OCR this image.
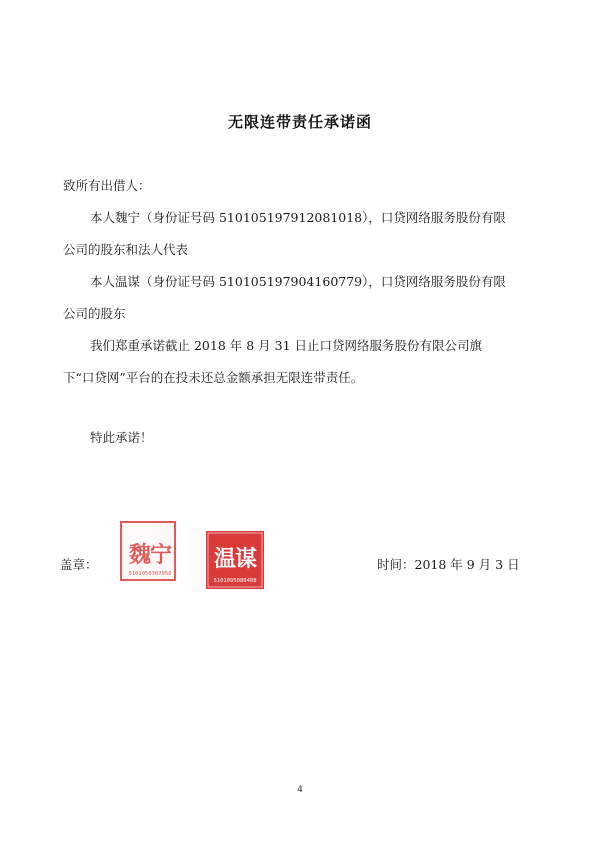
无限连带责任承诺函
致所有出借人：
本人魏宁（身份证号码 510105197912081018），口贷网络服务股份有限
公司的股东和法人代表
本人温谋（身份证号码 510105197904160779），口贷网络服务股份有限
公司的股东
我们郑重承诺截止 2018 年 8 月 31 日止口贷网络服务股份有限公司旗
下“口贷网”平台的在投未还总金额承担无限连带责任。
特此承诺！
盖章： 魏宁
5101050307950
温谋
5101095080408
时间：2018 年 9 月 3 日
4
